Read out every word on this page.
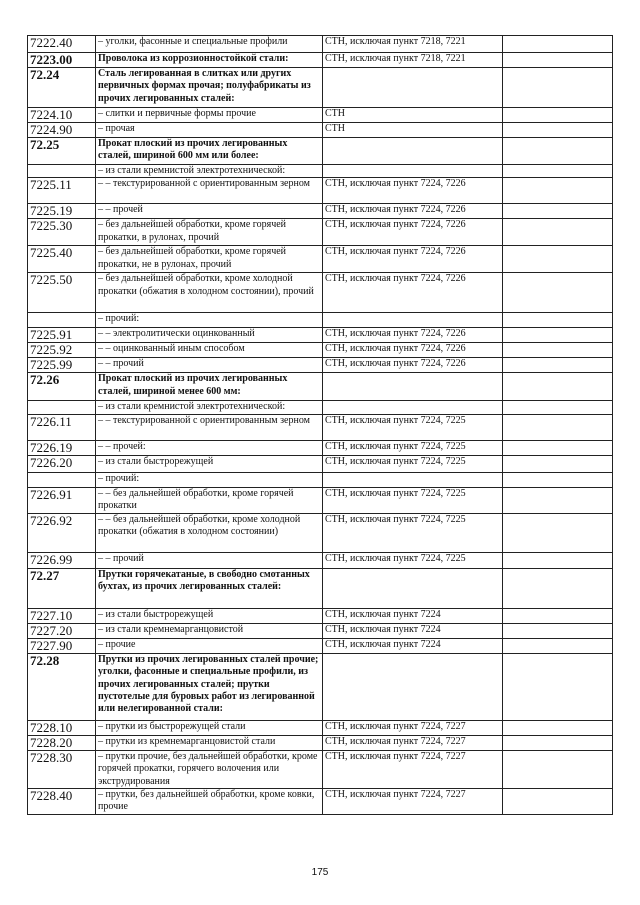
7222.40	– уголки, фасонные и специальные профили	СТН, исключая пункт 7218, 7221	
7223.00	Проволока из коррозионностойкой стали:	СТН, исключая пункт 7218, 7221	
72.24	Сталь легированная в слитках или других первичных формах прочая; полуфабрикаты из прочих легированных сталей:		
7224.10	– слитки и первичные формы прочие	СТН	
7224.90	– прочая	СТН	
72.25	Прокат плоский из прочих легированных сталей, шириной 600 мм или более:		
	– из стали кремнистой электротехнической:		
7225.11	– – текстурированной с ориентированным зерном	СТН, исключая пункт 7224, 7226	
7225.19	– – прочей	СТН, исключая пункт 7224, 7226	
7225.30	– без дальнейшей обработки, кроме горячей прокатки, в рулонах, прочий	СТН, исключая пункт 7224, 7226	
7225.40	– без дальнейшей обработки, кроме горячей прокатки, не в рулонах, прочий	СТН, исключая пункт 7224, 7226	
7225.50	– без дальнейшей обработки, кроме холодной прокатки (обжатия в холодном состоянии), прочий	СТН, исключая пункт 7224, 7226	
	– прочий:		
7225.91	– – электролитически оцинкованный	СТН, исключая пункт 7224, 7226	
7225.92	– – оцинкованный иным способом	СТН, исключая пункт 7224, 7226	
7225.99	– – прочий	СТН, исключая пункт 7224, 7226	
72.26	Прокат плоский из прочих легированных сталей, шириной менее 600 мм:		
	– из стали кремнистой электротехнической:		
7226.11	– – текстурированной с ориентированным зерном	СТН, исключая пункт 7224, 7225	
7226.19	– – прочей:	СТН, исключая пункт 7224, 7225	
7226.20	– из стали быстрорежущей	СТН, исключая пункт 7224, 7225	
	– прочий:		
7226.91	– – без дальнейшей обработки, кроме горячей прокатки	СТН, исключая пункт 7224, 7225	
7226.92	– – без дальнейшей обработки, кроме холодной прокатки (обжатия в холодном состоянии)	СТН, исключая пункт 7224, 7225	
7226.99	– – прочий	СТН, исключая пункт 7224, 7225	
72.27	Прутки горячекатаные, в свободно смотанных бухтах, из прочих легированных сталей:		
7227.10	– из стали быстрорежущей	СТН, исключая пункт 7224	
7227.20	– из стали кремнемарганцовистой	СТН, исключая пункт 7224	
7227.90	– прочие	СТН, исключая пункт 7224	
72.28	Прутки из прочих легированных сталей прочие; уголки, фасонные и специальные профили, из прочих легированных сталей; прутки пустотелые для буровых работ из легированной или нелегированной стали:		
7228.10	– прутки из быстрорежущей стали	СТН, исключая пункт 7224, 7227	
7228.20	– прутки из кремнемарганцовистой стали	СТН, исключая пункт 7224, 7227	
7228.30	– прутки прочие, без дальнейшей обработки, кроме горячей прокатки, горячего волочения или экструдирования	СТН, исключая пункт 7224, 7227	
7228.40	– прутки, без дальнейшей обработки, кроме ковки, прочие	СТН, исключая пункт 7224, 7227	
175
